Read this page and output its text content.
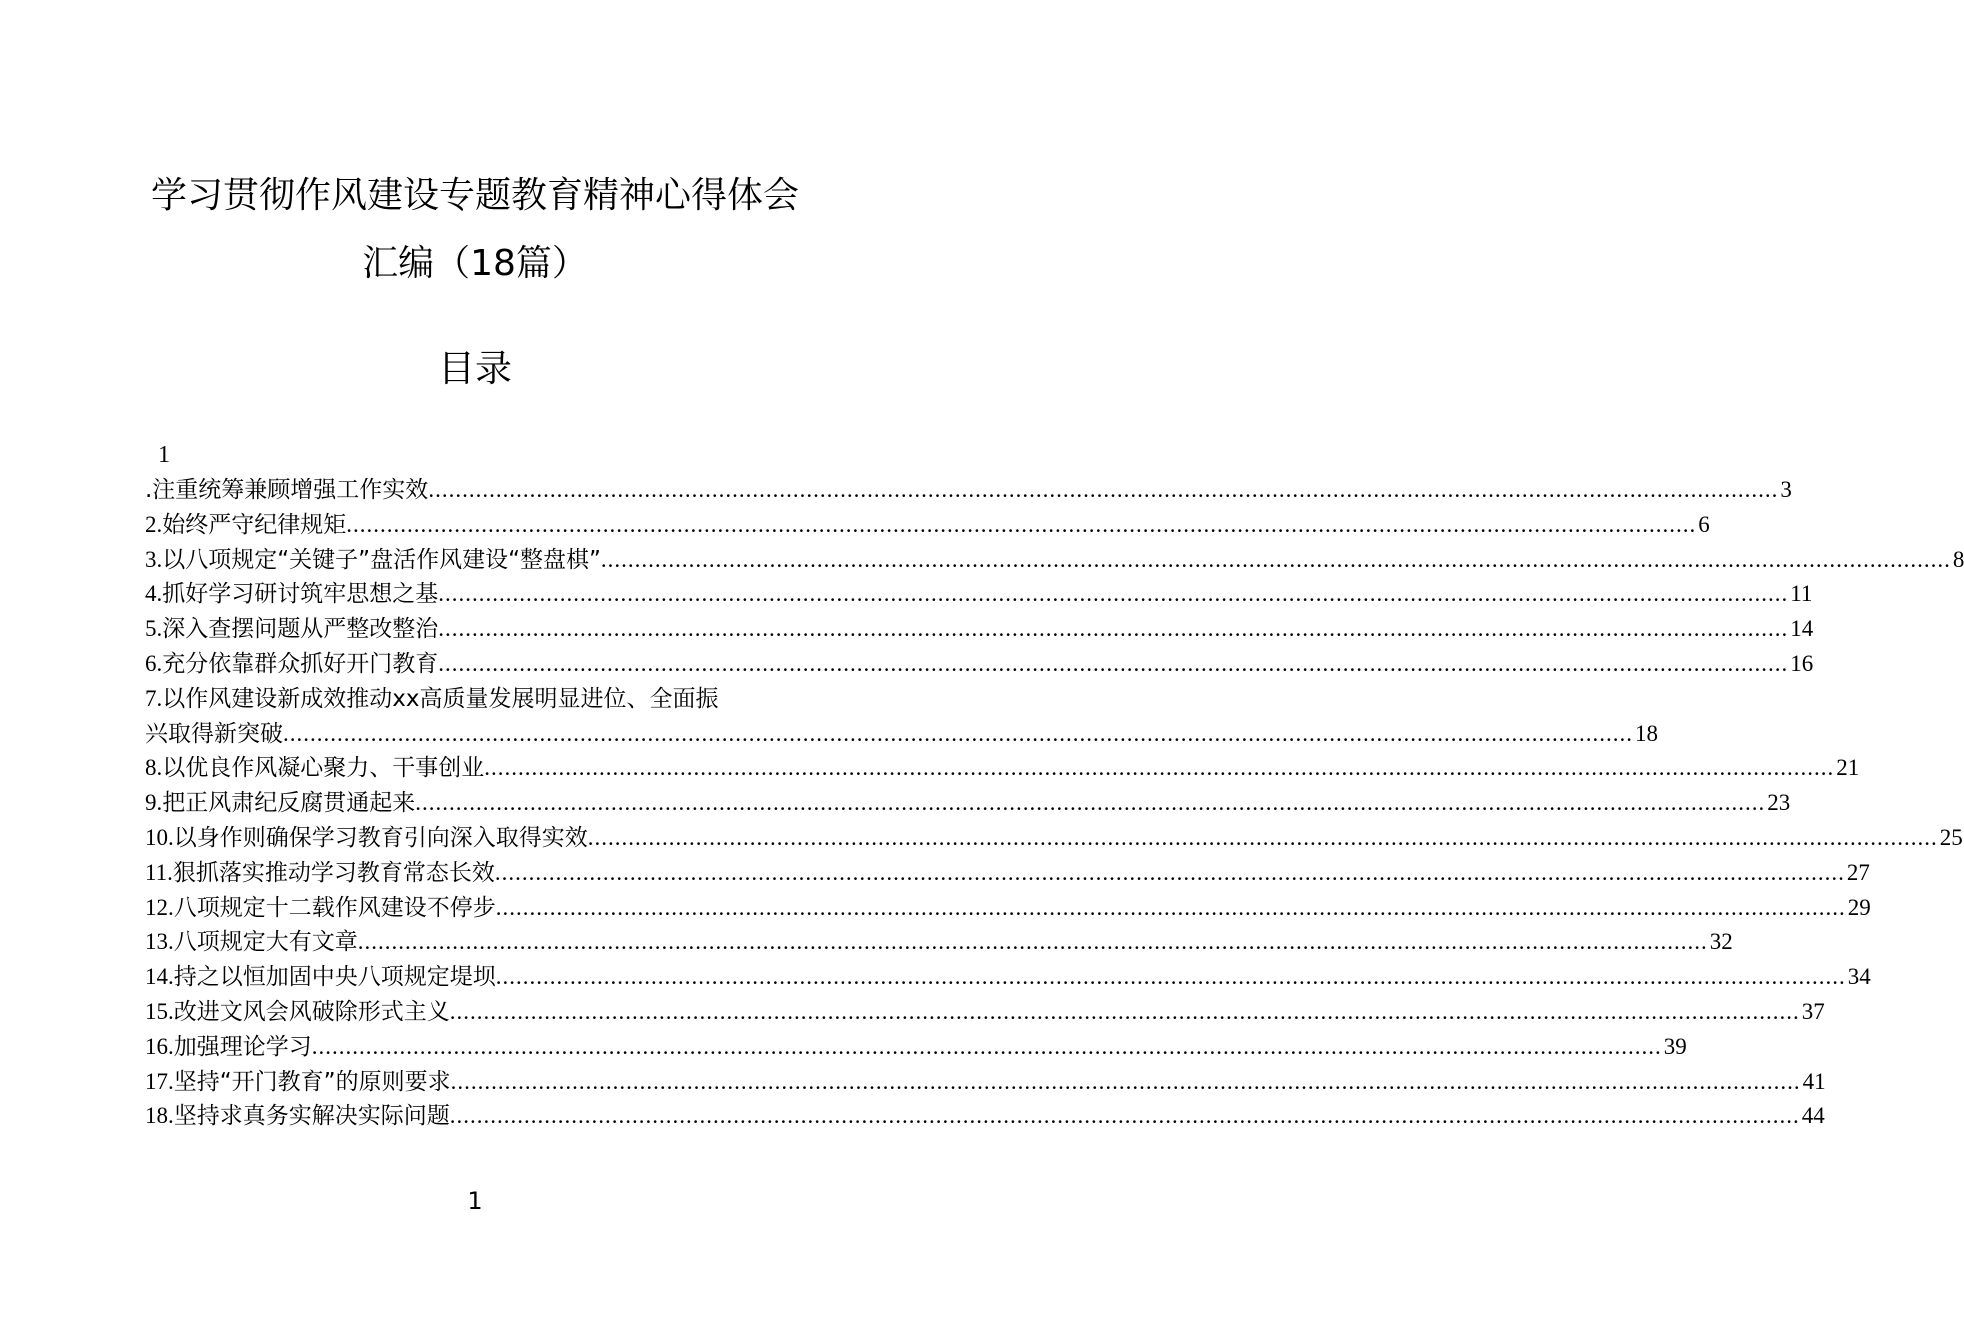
学习贯彻作风建设专题教育精神心得体会
汇编（18篇）
目录
1
.注重统筹兼顾增强工作实效 ........................................................................................................................................................................................................ 3
2.始终严守纪律规矩 ........................................................................................................................................................................................................ 6
3.以八项规定“关键子”盘活作风建设“整盘棋” ........................................................................................................................................................................................................ 8
4.抓好学习研讨筑牢思想之基 ........................................................................................................................................................................................................ 11
5.深入查摆问题从严整改整治 ........................................................................................................................................................................................................ 14
6.充分依靠群众抓好开门教育 ........................................................................................................................................................................................................ 16
7.以作风建设新成效推动xx高质量发展明显进位、全面振
兴取得新突破 ........................................................................................................................................................................................................ 18
8.以优良作风凝心聚力、干事创业 ........................................................................................................................................................................................................ 21
9.把正风肃纪反腐贯通起来 ........................................................................................................................................................................................................ 23
10.以身作则确保学习教育引向深入取得实效 ........................................................................................................................................................................................................ 25
11.狠抓落实推动学习教育常态长效 ........................................................................................................................................................................................................ 27
12.八项规定十二载作风建设不停步 ........................................................................................................................................................................................................ 29
13.八项规定大有文章 ........................................................................................................................................................................................................ 32
14.持之以恒加固中央八项规定堤坝 ........................................................................................................................................................................................................ 34
15.改进文风会风破除形式主义 ........................................................................................................................................................................................................ 37
16.加强理论学习 ........................................................................................................................................................................................................ 39
17.坚持“开门教育”的原则要求 ........................................................................................................................................................................................................ 41
18.坚持求真务实解决实际问题 ........................................................................................................................................................................................................ 44
1
